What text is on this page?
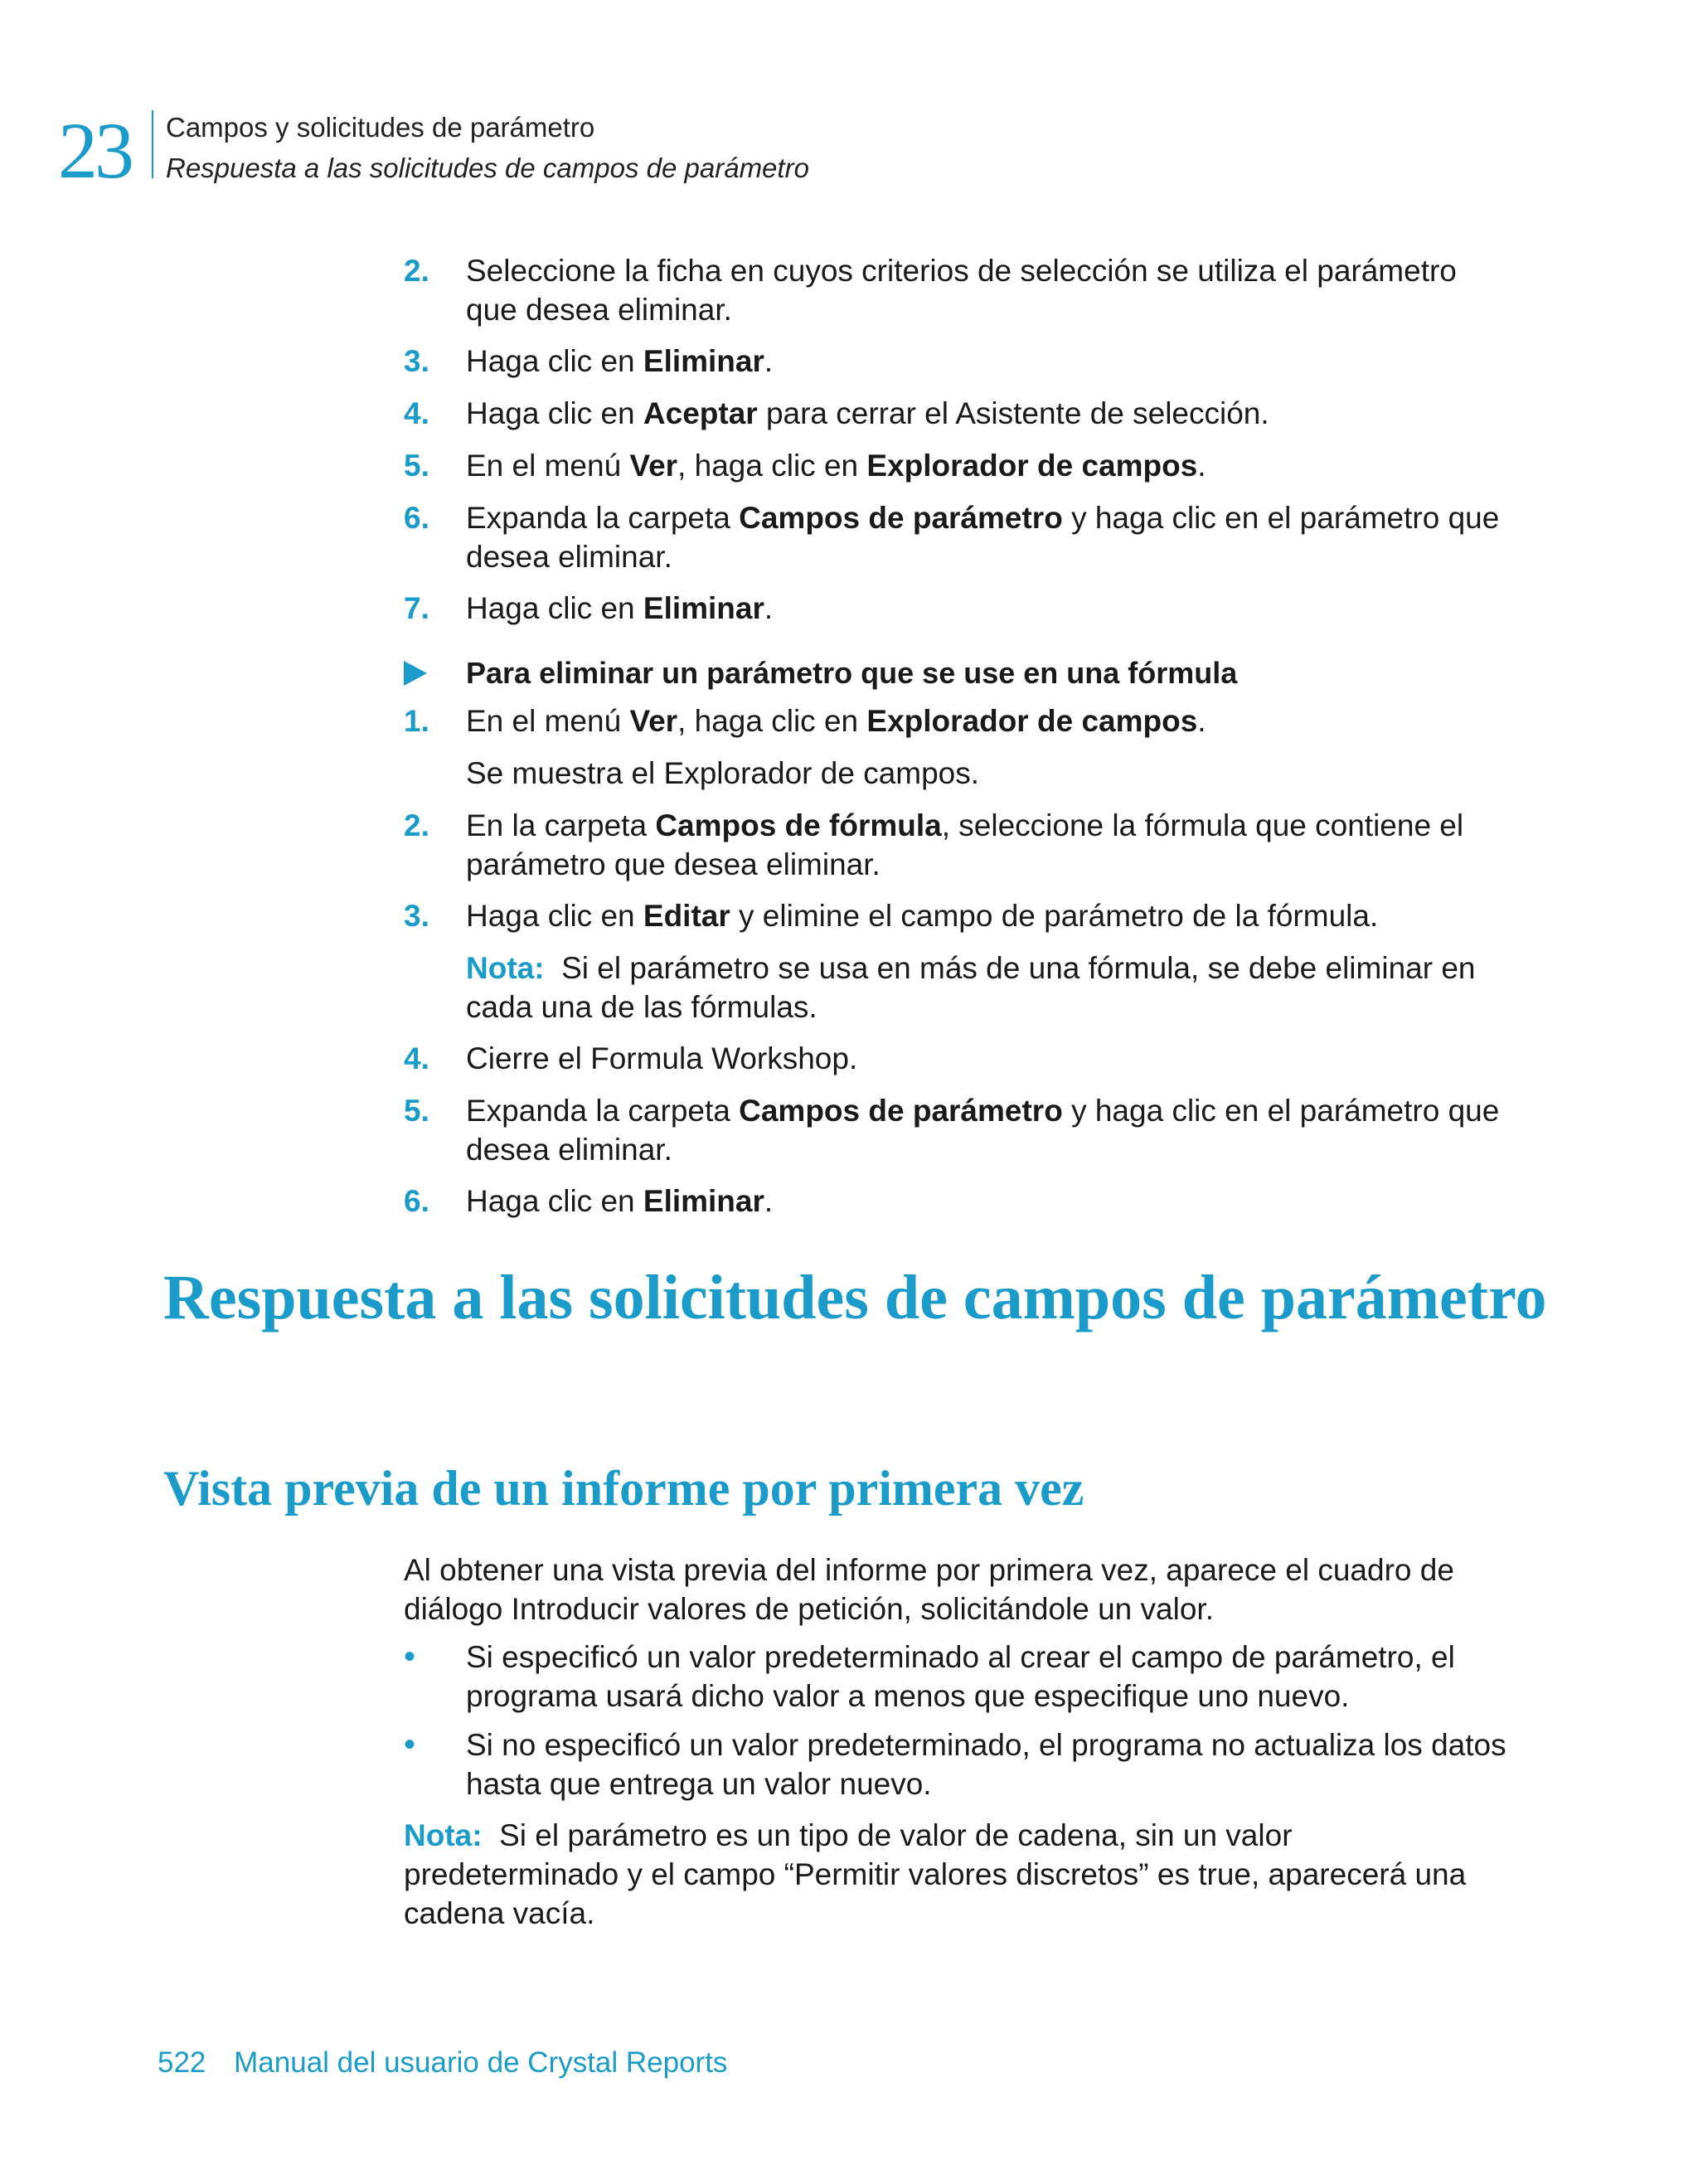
23 Campos y solicitudes de parámetro
Respuesta a las solicitudes de campos de parámetro
2. Seleccione la ficha en cuyos criterios de selección se utiliza el parámetro que desea eliminar.
3. Haga clic en Eliminar.
4. Haga clic en Aceptar para cerrar el Asistente de selección.
5. En el menú Ver, haga clic en Explorador de campos.
6. Expanda la carpeta Campos de parámetro y haga clic en el parámetro que desea eliminar.
7. Haga clic en Eliminar.
Para eliminar un parámetro que se use en una fórmula
1. En el menú Ver, haga clic en Explorador de campos.
Se muestra el Explorador de campos.
2. En la carpeta Campos de fórmula, seleccione la fórmula que contiene el parámetro que desea eliminar.
3. Haga clic en Editar y elimine el campo de parámetro de la fórmula.
Nota: Si el parámetro se usa en más de una fórmula, se debe eliminar en cada una de las fórmulas.
4. Cierre el Formula Workshop.
5. Expanda la carpeta Campos de parámetro y haga clic en el parámetro que desea eliminar.
6. Haga clic en Eliminar.
Respuesta a las solicitudes de campos de parámetro
Vista previa de un informe por primera vez
Al obtener una vista previa del informe por primera vez, aparece el cuadro de diálogo Introducir valores de petición, solicitándole un valor.
• Si especificó un valor predeterminado al crear el campo de parámetro, el programa usará dicho valor a menos que especifique uno nuevo.
• Si no especificó un valor predeterminado, el programa no actualiza los datos hasta que entrega un valor nuevo.
Nota: Si el parámetro es un tipo de valor de cadena, sin un valor predeterminado y el campo “Permitir valores discretos” es true, aparecerá una cadena vacía.
522 Manual del usuario de Crystal Reports
